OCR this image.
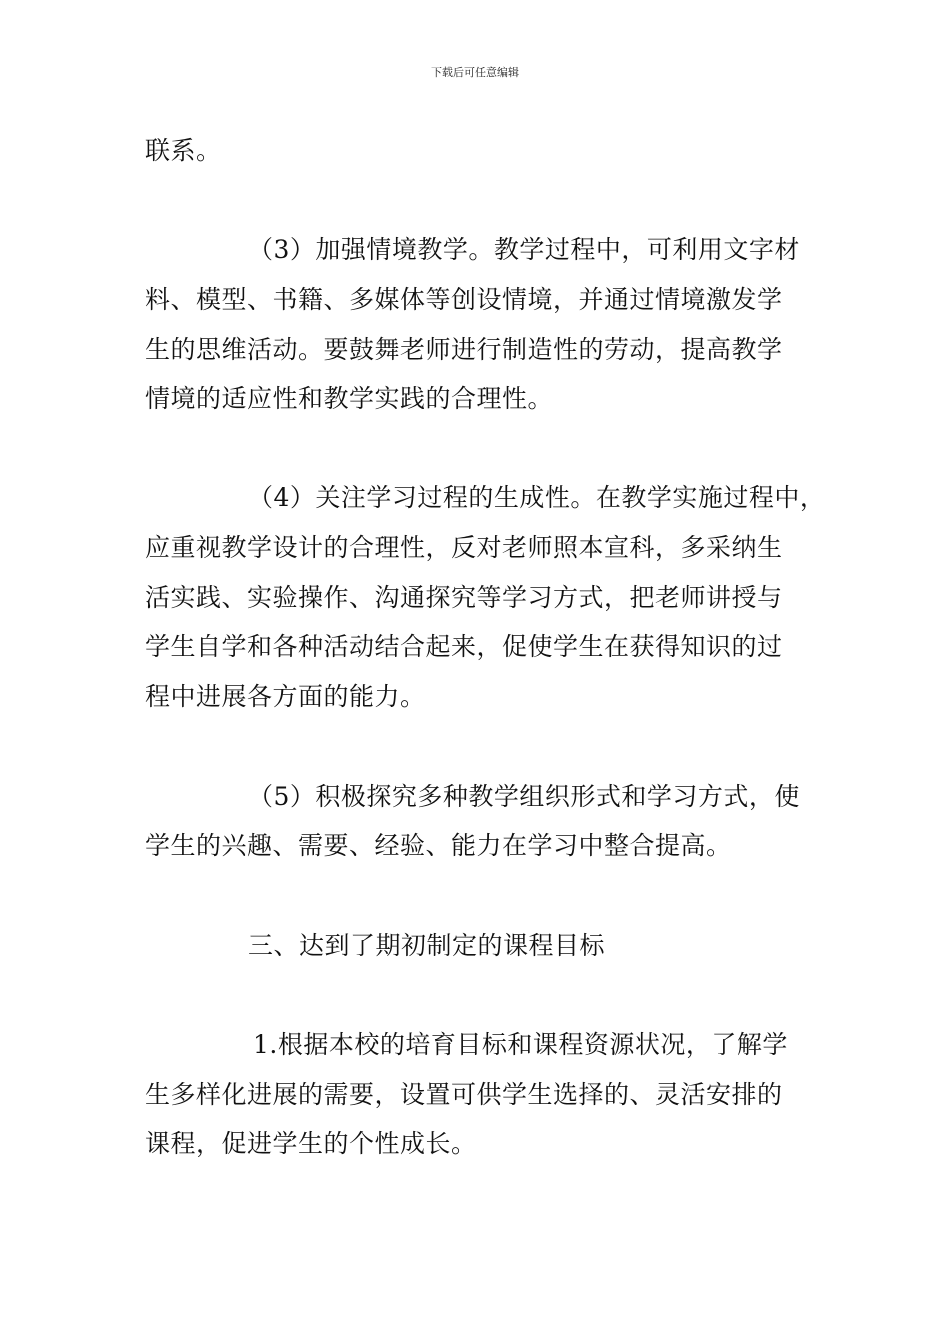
下载后可任意编辑
联系。
（3）加强情境教学。教学过程中，可利用文字材
料、模型、书籍、多媒体等创设情境，并通过情境激发学
生的思维活动。要鼓舞老师进行制造性的劳动，提高教学
情境的适应性和教学实践的合理性。
（4）关注学习过程的生成性。在教学实施过程中，
应重视教学设计的合理性，反对老师照本宣科，多采纳生
活实践、实验操作、沟通探究等学习方式，把老师讲授与
学生自学和各种活动结合起来，促使学生在获得知识的过
程中进展各方面的能力。
（5）积极探究多种教学组织形式和学习方式，使
学生的兴趣、需要、经验、能力在学习中整合提高。
三、达到了期初制定的课程目标
1.根据本校的培育目标和课程资源状况，了解学
生多样化进展的需要，设置可供学生选择的、灵活安排的
课程，促进学生的个性成长。
